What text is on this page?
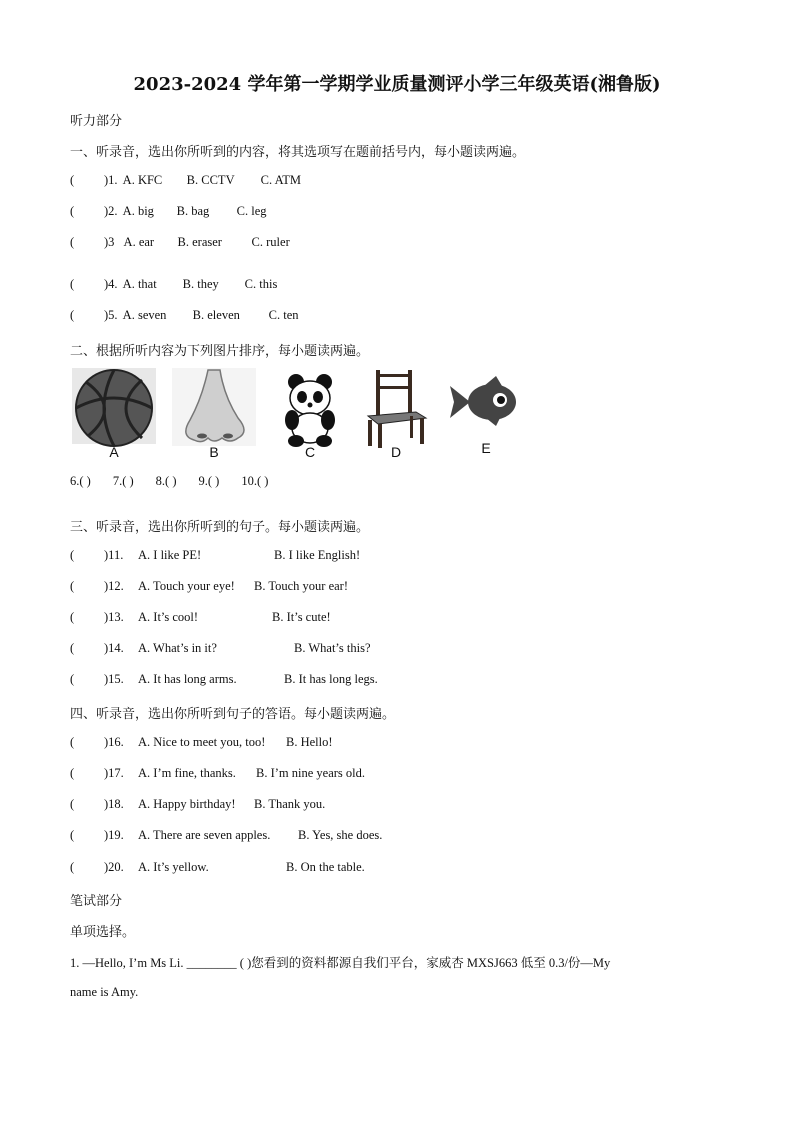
2023-2024 学年第一学期学业质量测评小学三年级英语(湘鲁版)
听力部分
一、听录音，选出你所听到的内容，将其选项写在题前括号内，每小题读两遍。
( )1. A. KFC B. CCTV C. ATM
( )2. A. big B. bag C. leg
( )3 A. ear B. eraser C. ruler
( )4. A. that B. they C. this
( )5. A. seven B. eleven C. ten
二、根据所听内容为下列图片排序，每小题读两遍。
A	B	C	D	E
6.( ) 7.( ) 8.( ) 9.( ) 10.( )
三、听录音，选出你所听到的句子。每小题读两遍。
( )11. A. I like PE!	B. I like English!
( )12. A. Touch your eye! B. Touch your ear!
( )13. A. It’s cool!	B. It’s cute!
( )14. A. What’s in it?	B. What’s this?
( )15. A. It has long arms.	B. It has long legs.
四、听录音，选出你所听到句子的答语。每小题读两遍。
( )16. A. Nice to meet you, too! B. Hello!
( )17. A. I’m fine, thanks. B. I’m nine years old.
( )18. A. Happy birthday! B. Thank you.
( )19. A. There are seven apples. B. Yes, she does.
( )20. A. It’s yellow.	B. On the table.
笔试部分
单项选择。
1. —Hello, I’m Ms Li. ________ ( )您看到的资料都源自我们平台，家威杏 MXSJ663 低至 0.3/份—My
name is Amy.
